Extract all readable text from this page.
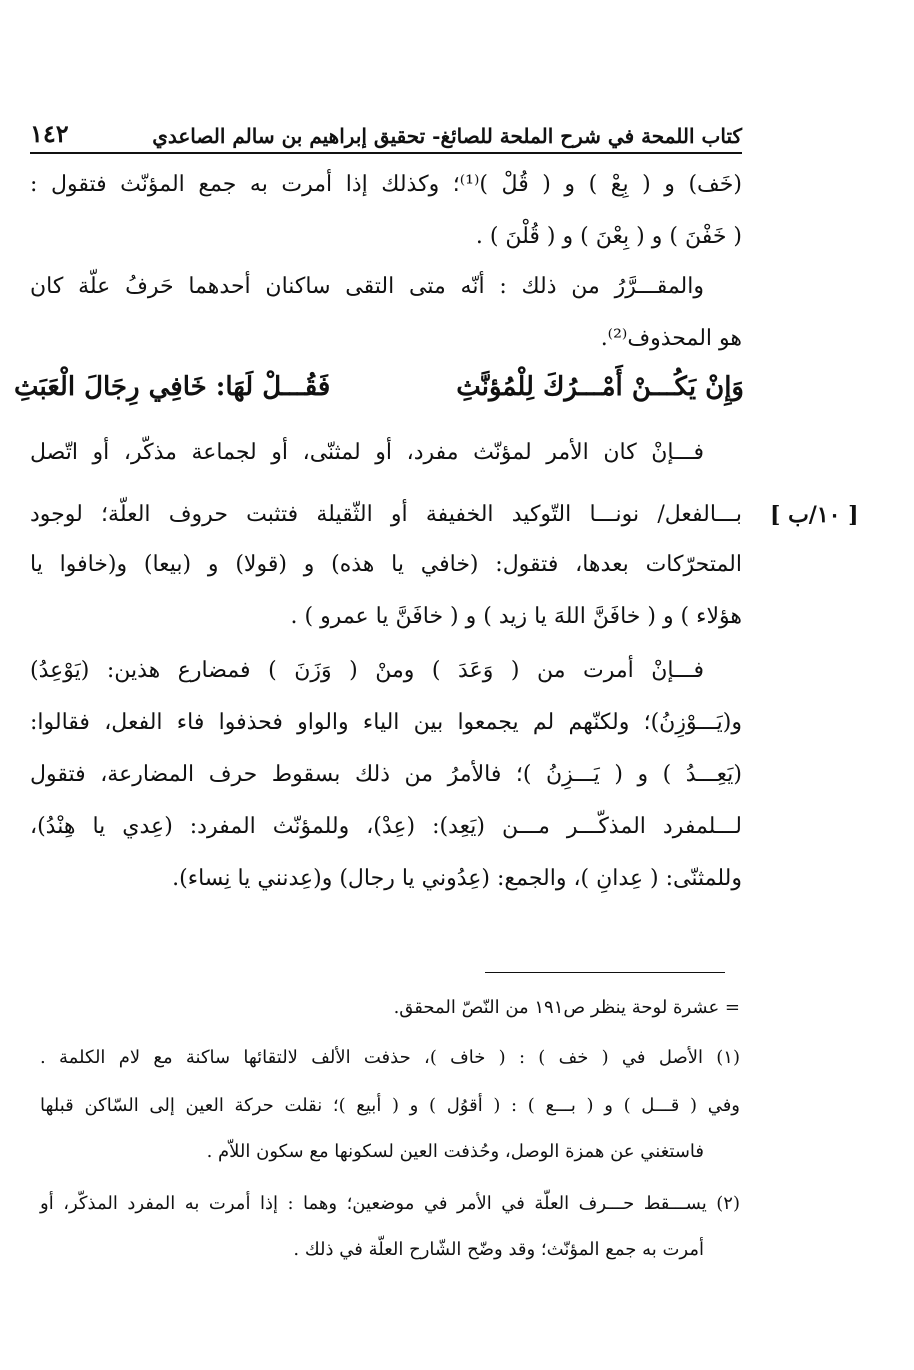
كتاب اللمحة في شرح الملحة للصائغ- تحقيق إبراهيم بن سالم الصاعدي
١٤٢
(خَف) و ( بِعْ ) و ( قُلْ )⁽¹⁾؛ وكذلك إذا أمرت به جمع المؤنّث فتقول :
( خَفْنَ ) و ( بِعْنَ ) و ( قُلْنَ ) .
والمقـــرَّرُ من ذلك : أنّه متى التقى ساكنان أحدهما حَرفُ علّة كان
هو المحذوف⁽²⁾.
وَإِنْ يَكُـــنْ أَمْـــرُكَ لِلْمُؤنَّثِ
فَقُـــلْ لَهَا: خَافِي رِجَالَ الْعَبَثِ
فـــإنْ كان الأمر لمؤنّث مفرد، أو لمثنّى، أو لجماعة مذكّر، أو اتّصل
بـــالفعل/ نونـــا التّوكيد الخفيفة أو الثّقيلة فتثبت حروف العلّة؛ لوجود
المتحرّكات بعدها، فتقول: (خافي يا هذه) و (قولا) و (بيعا) و(خافوا يا
هؤلاء ) و ( خافَنَّ اللهَ يا زيد ) و ( خافَنَّ يا عمرو ) .
فـــإنْ أمرت من ( وَعَدَ ) ومنْ ( وَزَنَ ) فمضارع هذين: (يَوْعِدُ)
و(يَـــوْزِنُ)؛ ولكنّهم لم يجمعوا بين الياء والواو فحذفوا فاء الفعل، فقالوا:
(يَعِـــدُ ) و ( يَـــزِنُ )؛ فالأمرُ من ذلك بسقوط حرف المضارعة، فتقول
لـــلمفرد المذكّـــر مـــن (يَعِد): (عِدْ)، وللمؤنّث المفرد: (عِدي يا هِنْدُ)،
وللمثنّى: ( عِدانِ )، والجمع: (عِدُوني يا رجال) و(عِدنني يا نِساء).
[ ١٠/ب ]
= عشرة لوحة ينظر ص١٩١ من النّصّ المحقق.
(١) الأصل في ( خف ) : ( خاف )، حذفت الألف لالتقائها ساكنة مع لام الكلمة .
وفي ( قـــل ) و ( بـــع ) : ( أقوُل ) و ( أبيع )؛ نقلت حركة العين إلى السّاكن قبلها
فاستغني عن همزة الوصل، وحُذفت العين لسكونها مع سكون اللاّم .
(٢) يســـقط حـــرف العلّة في الأمر في موضعين؛ وهما : إذا أمرت به المفرد المذكّر، أو
أمرت به جمع المؤنّث؛ وقد وضّح الشّارح العلّة في ذلك .
